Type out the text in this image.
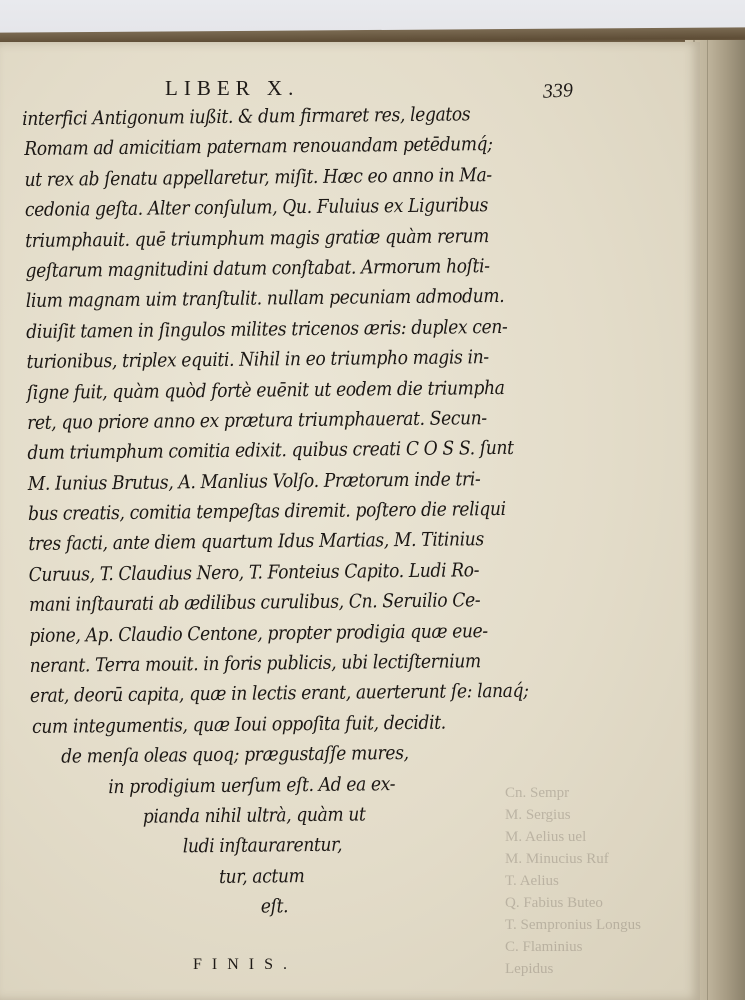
Cn. Sempr
M. Sergius
M. Aelius uel
M. Minucius Ruf
T. Aelius
Q. Fabius Buteo
T. Sempronius Longus
C. Flaminius
Lepidus
LIBER X.	339
interfici Antigonum iußit. & dum firmaret res, legatos
Romam ad amicitiam paternam renouandam petēdumq́;
ut rex ab ſenatu appellaretur, miſit. Hæc eo anno in Ma-
cedonia geſta. Alter conſulum, Qu. Fuluius ex Liguribus
triumphauit. quē triumphum magis gratiæ quàm rerum
geſtarum magnitudini datum conſtabat. Armorum hoſti-
lium magnam uim tranſtulit. nullam pecuniam admodum.
diuiſit tamen in ſingulos milites tricenos æris: duplex cen-
turionibus, triplex equiti. Nihil in eo triumpho magis in-
ſigne fuit, quàm quòd fortè euēnit ut eodem die triumpha
ret, quo priore anno ex prætura triumphauerat. Secun-
dum triumphum comitia edixit. quibus creati C O S S. ſunt
M. Iunius Brutus, A. Manlius Volſo. Prætorum inde tri-
bus creatis, comitia tempeſtas diremit. poſtero die reliqui
tres facti, ante diem quartum Idus Martias, M. Titinius
Curuus, T. Claudius Nero, T. Fonteius Capito. Ludi Ro-
mani inſtaurati ab ædilibus curulibus, Cn. Seruilio Ce-
pione, Ap. Claudio Centone, propter prodigia quæ eue-
nerant. Terra mouit. in foris publicis, ubi lectiſternium
erat, deorū capita, quæ in lectis erant, auerterunt ſe: lanaq́;
cum integumentis, quæ Ioui oppoſita fuit, decidit.
de menſa oleas quoq; prægustaſſe mures,
in prodigium uerſum eſt. Ad ea ex-
pianda nihil ultrà, quàm ut
ludi inſtaurarentur,
tur, actum
eſt.
FINIS.
